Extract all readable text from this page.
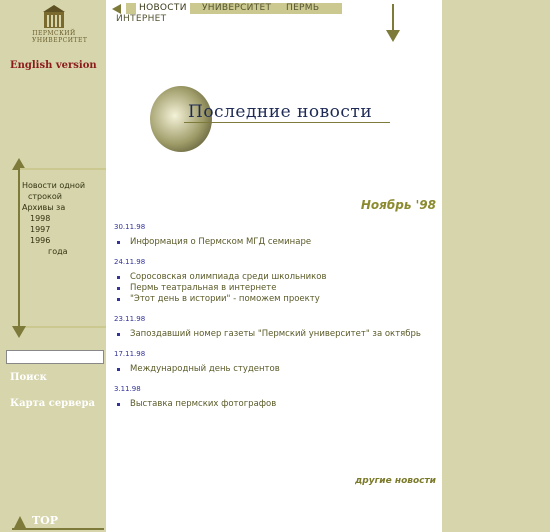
ПЕРМСКИЙ
УНИВЕРСИТЕТ
English version
Новости одной
строкой
Архивы за
1998
1997
1996
года
Поиск
Карта сервера
TOP
НОВОСТИ	УНИВЕРСИТЕТ ПЕРМЬ
ИНТЕРНЕТ
Последние новости
Ноябрь '98
30.11.98
Информация о Пермском МГД семинаре
24.11.98
Соросовская олимпиада среди школьников
Пермь театральная в интернете
"Этот день в истории" - поможем проекту
23.11.98
Запоздавший номер газеты "Пермский университет" за октябрь
17.11.98
Международный день студентов
3.11.98
Выставка пермских фотографов
другие новости
